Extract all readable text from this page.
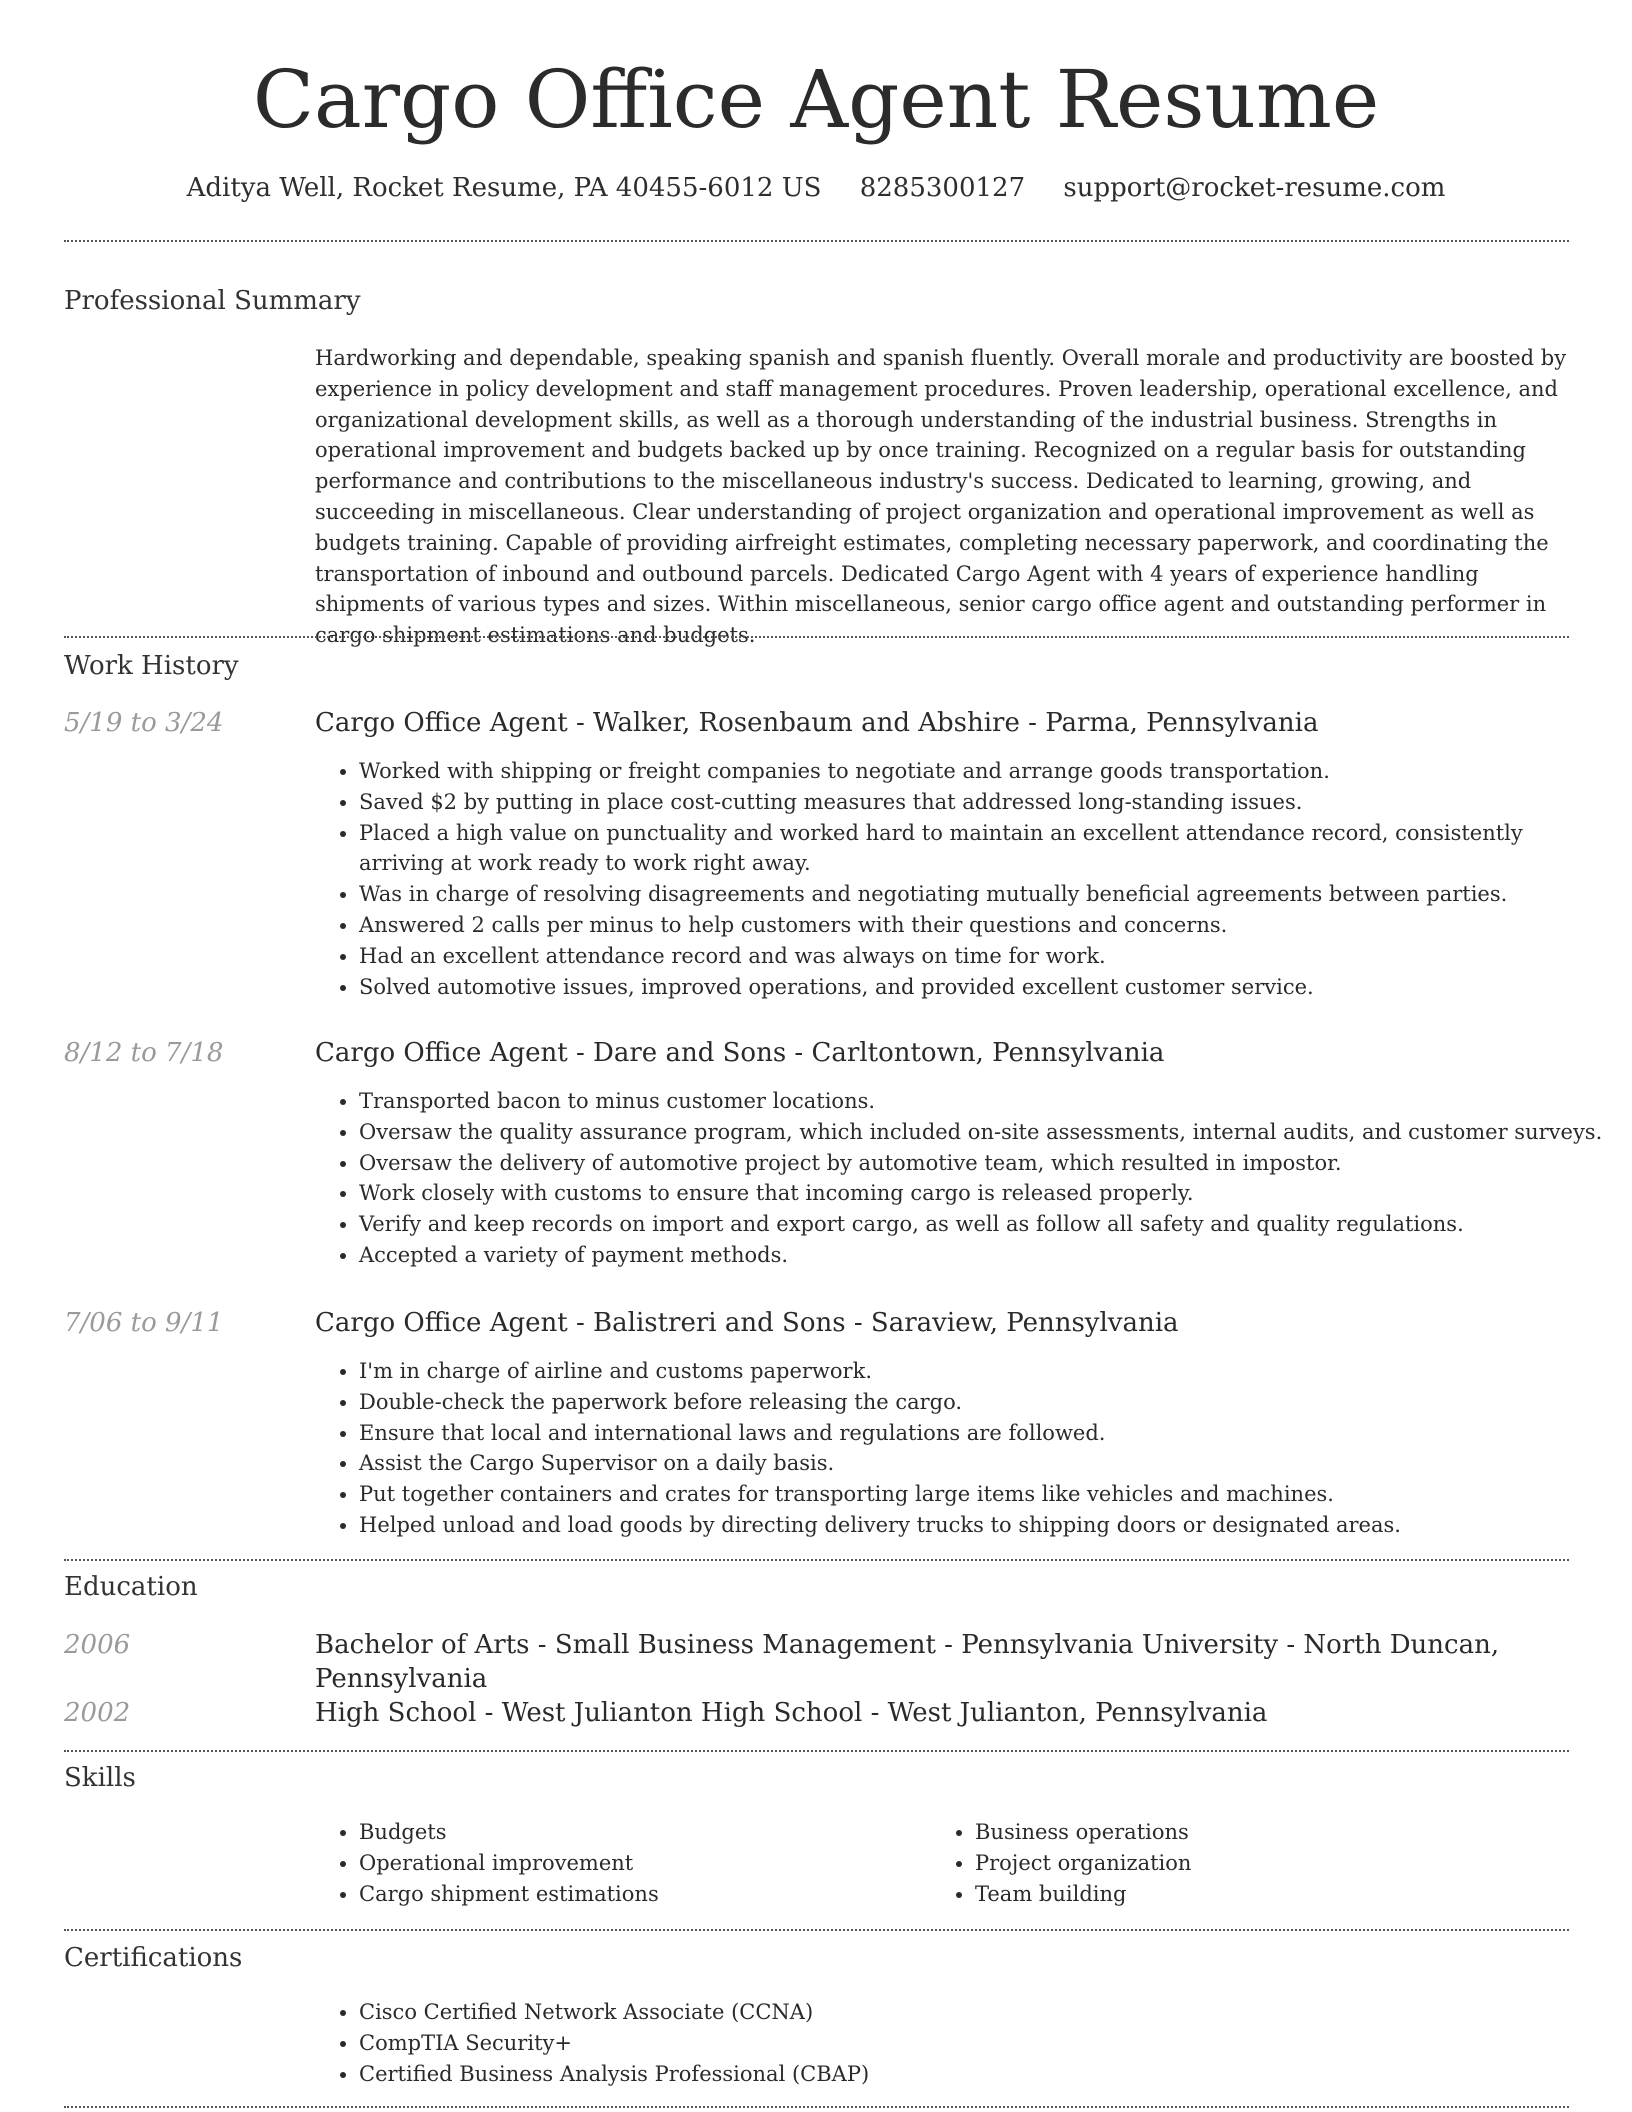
Cargo Office Agent Resume
Aditya Well, Rocket Resume, PA 40455-6012 US 8285300127 support@rocket-resume.com
Professional Summary

Hardworking and dependable, speaking spanish and spanish fluently. Overall morale and productivity are boosted by experience in policy development and staff management procedures. Proven leadership, operational excellence, and organizational development skills, as well as a thorough understanding of the industrial business. Strengths in operational improvement and budgets backed up by once training. Recognized on a regular basis for outstanding performance and contributions to the miscellaneous industry's success. Dedicated to learning, growing, and succeeding in miscellaneous. Clear understanding of project organization and operational improvement as well as budgets training. Capable of providing airfreight estimates, completing necessary paperwork, and coordinating the transportation of inbound and outbound parcels. Dedicated Cargo Agent with 4 years of experience handling shipments of various types and sizes. Within miscellaneous, senior cargo office agent and outstanding performer in cargo shipment estimations and budgets.

Work History
5/19 to 3/24	Cargo Office Agent - Walker, Rosenbaum and Abshire - Parma, Pennsylvania
• Worked with shipping or freight companies to negotiate and arrange goods transportation.
• Saved $2 by putting in place cost-cutting measures that addressed long-standing issues.
• Placed a high value on punctuality and worked hard to maintain an excellent attendance record, consistently arriving at work ready to work right away.
• Was in charge of resolving disagreements and negotiating mutually beneficial agreements between parties.
• Answered 2 calls per minus to help customers with their questions and concerns.
• Had an excellent attendance record and was always on time for work.
• Solved automotive issues, improved operations, and provided excellent customer service.
8/12 to 7/18	Cargo Office Agent - Dare and Sons - Carltontown, Pennsylvania
• Transported bacon to minus customer locations.
• Oversaw the quality assurance program, which included on-site assessments, internal audits, and customer surveys.
• Oversaw the delivery of automotive project by automotive team, which resulted in impostor.
• Work closely with customs to ensure that incoming cargo is released properly.
• Verify and keep records on import and export cargo, as well as follow all safety and quality regulations.
• Accepted a variety of payment methods.
7/06 to 9/11	Cargo Office Agent - Balistreri and Sons - Saraview, Pennsylvania
• I'm in charge of airline and customs paperwork.
• Double-check the paperwork before releasing the cargo.
• Ensure that local and international laws and regulations are followed.
• Assist the Cargo Supervisor on a daily basis.
• Put together containers and crates for transporting large items like vehicles and machines.
• Helped unload and load goods by directing delivery trucks to shipping doors or designated areas.
Education
2006	Bachelor of Arts - Small Business Management - Pennsylvania University - North Duncan, Pennsylvania
2002	High School - West Julianton High School - West Julianton, Pennsylvania
Skills
• Budgets
• Operational improvement
• Cargo shipment estimations
• Business operations
• Project organization
• Team building
Certifications
• Cisco Certified Network Associate (CCNA)
• CompTIA Security+
• Certified Business Analysis Professional (CBAP)
